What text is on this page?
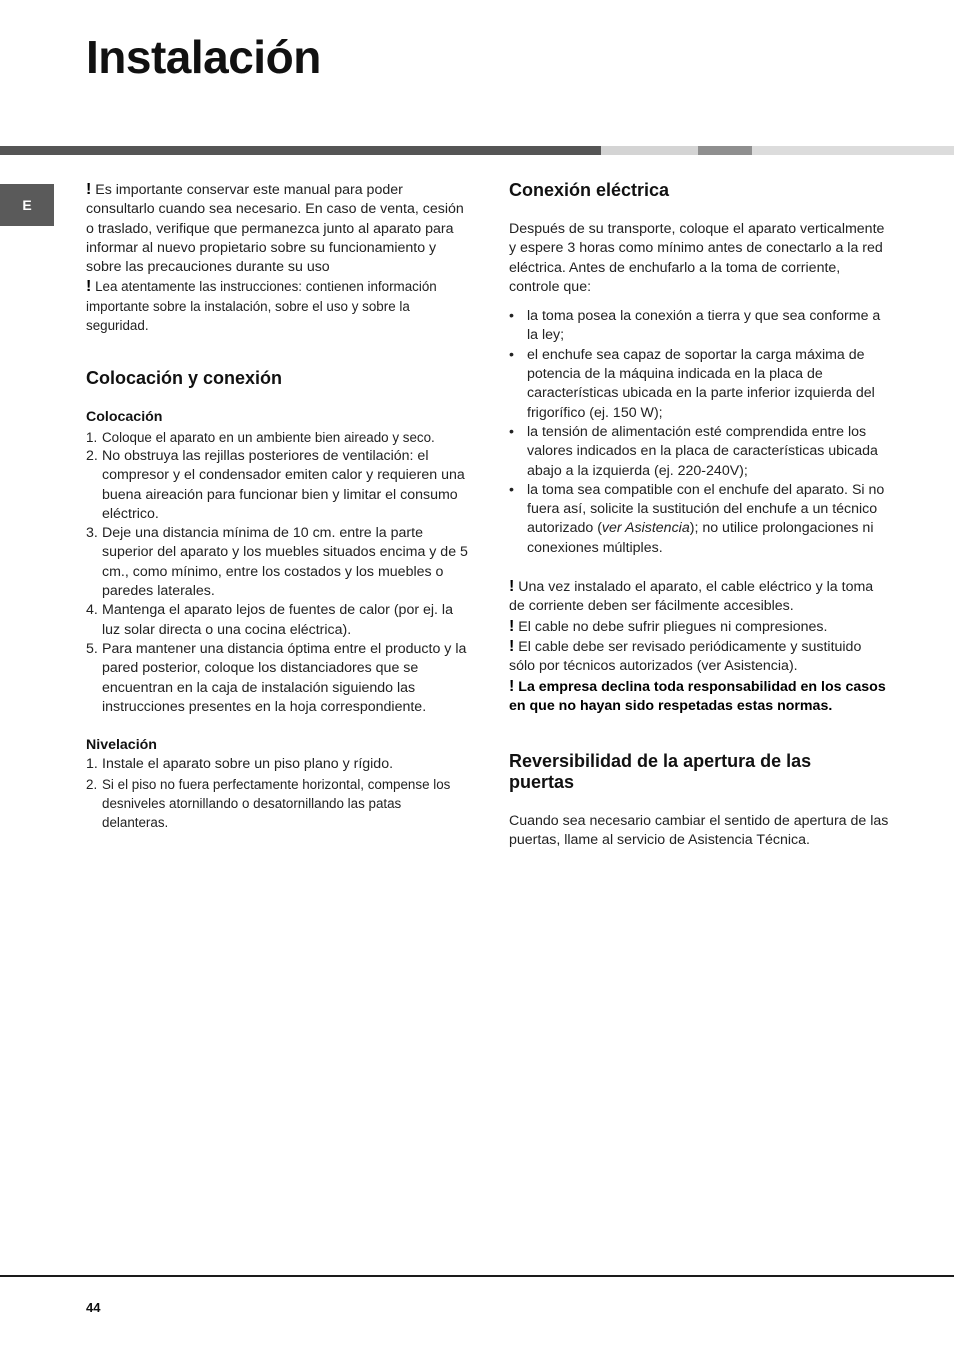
Instalación
E

! Es importante conservar este manual para poder consultarlo cuando sea necesario. En caso de venta, cesión o traslado, verifique que permanezca junto al aparato para informar al nuevo propietario sobre su funcionamiento y sobre las precauciones durante su uso

! Lea atentamente las instrucciones: contienen información importante sobre la instalación, sobre el uso y sobre la seguridad.

Colocación y conexión
Colocación
1. Coloque el aparato en un ambiente bien aireado y seco.
2. No obstruya las rejillas posteriores de ventilación: el compresor y el condensador emiten calor y requieren una buena aireación para funcionar bien y limitar el consumo eléctrico.
3. Deje una distancia mínima de 10 cm. entre la parte superior del aparato y los muebles situados encima y de 5 cm., como mínimo, entre los costados y los muebles o paredes laterales.
4. Mantenga el aparato lejos de fuentes de calor (por ej. la luz solar directa o una cocina eléctrica).
5. Para mantener una distancia óptima entre el producto y la pared posterior, coloque los distanciadores que se encuentran en la caja de instalación siguiendo las instrucciones presentes en la hoja correspondiente.
Nivelación
1. Instale el aparato sobre un piso plano y rígido.
2. Si el piso no fuera perfectamente horizontal, compense los desniveles atornillando o desatornillando las patas delanteras.
Conexión eléctrica

Después de su transporte, coloque el aparato verticalmente y espere 3 horas como mínimo antes de conectarlo a la red eléctrica. Antes de enchufarlo a la toma de corriente, controle que:

• la toma posea la conexión a tierra y que sea conforme a la ley;
• el enchufe sea capaz de soportar la carga máxima de potencia de la máquina indicada en la placa de características ubicada en la parte inferior izquierda del frigorífico (ej. 150 W);
• la tensión de alimentación esté comprendida entre los valores indicados en la placa de características ubicada abajo a la izquierda (ej. 220-240V);
• la toma sea compatible con el enchufe del aparato. Si no fuera así, solicite la sustitución del enchufe a un técnico autorizado (ver Asistencia); no utilice prolongaciones ni conexiones múltiples.

! Una vez instalado el aparato, el cable eléctrico y la toma de corriente deben ser fácilmente accesibles.

! El cable no debe sufrir pliegues ni compresiones.

! El cable debe ser revisado periódicamente y sustituido sólo por técnicos autorizados (ver Asistencia).

! La empresa declina toda responsabilidad en los casos en que no hayan sido respetadas estas normas.

Reversibilidad de la apertura de las puertas

Cuando sea necesario cambiar el sentido de apertura de las puertas, llame al servicio de Asistencia Técnica.

44
